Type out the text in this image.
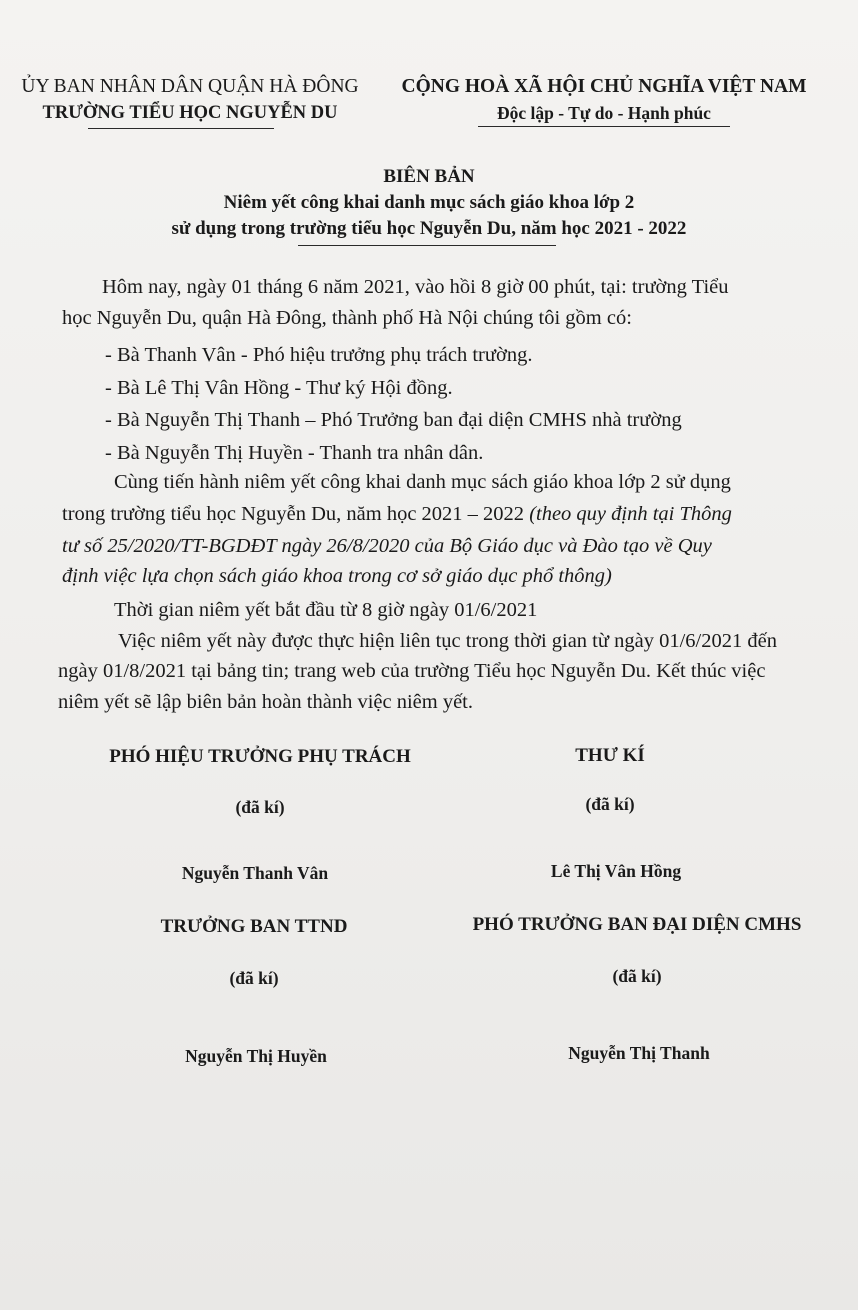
ỦY BAN NHÂN DÂN QUẬN HÀ ĐÔNG
TRƯỜNG TIỂU HỌC NGUYỄN DU
CỘNG HOÀ XÃ HỘI CHỦ NGHĨA VIỆT NAM
Độc lập - Tự do - Hạnh phúc
BIÊN BẢN
Niêm yết công khai danh mục sách giáo khoa lớp 2
sử dụng trong trường tiểu học Nguyễn Du, năm học 2021 - 2022
Hôm nay, ngày 01 tháng 6 năm 2021, vào hồi 8 giờ 00 phút, tại: trường Tiểu
học Nguyễn Du, quận Hà Đông, thành phố Hà Nội chúng tôi gồm có:
- Bà Thanh Vân - Phó hiệu trưởng phụ trách trường.
- Bà Lê Thị Vân Hồng - Thư ký Hội đồng.
- Bà Nguyễn Thị Thanh – Phó Trưởng ban đại diện CMHS nhà trường
- Bà Nguyễn Thị Huyền - Thanh tra nhân dân.
Cùng tiến hành niêm yết công khai danh mục sách giáo khoa lớp 2 sử dụng
trong trường tiểu học Nguyễn Du, năm học 2021 – 2022 (theo quy định tại Thông
tư số 25/2020/TT-BGDĐT ngày 26/8/2020 của Bộ Giáo dục và Đào tạo về Quy
định việc lựa chọn sách giáo khoa trong cơ sở giáo dục phổ thông)
Thời gian niêm yết bắt đầu từ 8 giờ ngày 01/6/2021
Việc niêm yết này được thực hiện liên tục trong thời gian từ ngày 01/6/2021 đến
ngày 01/8/2021 tại bảng tin; trang web của trường Tiểu học Nguyễn Du. Kết thúc việc
niêm yết sẽ lập biên bản hoàn thành việc niêm yết.
PHÓ HIỆU TRƯỞNG PHỤ TRÁCH
(đã kí)
Nguyễn Thanh Vân
THƯ KÍ
(đã kí)
Lê Thị Vân Hồng
TRƯỞNG BAN TTND
(đã kí)
Nguyễn Thị Huyền
PHÓ TRƯỞNG BAN ĐẠI DIỆN CMHS
(đã kí)
Nguyễn Thị Thanh
